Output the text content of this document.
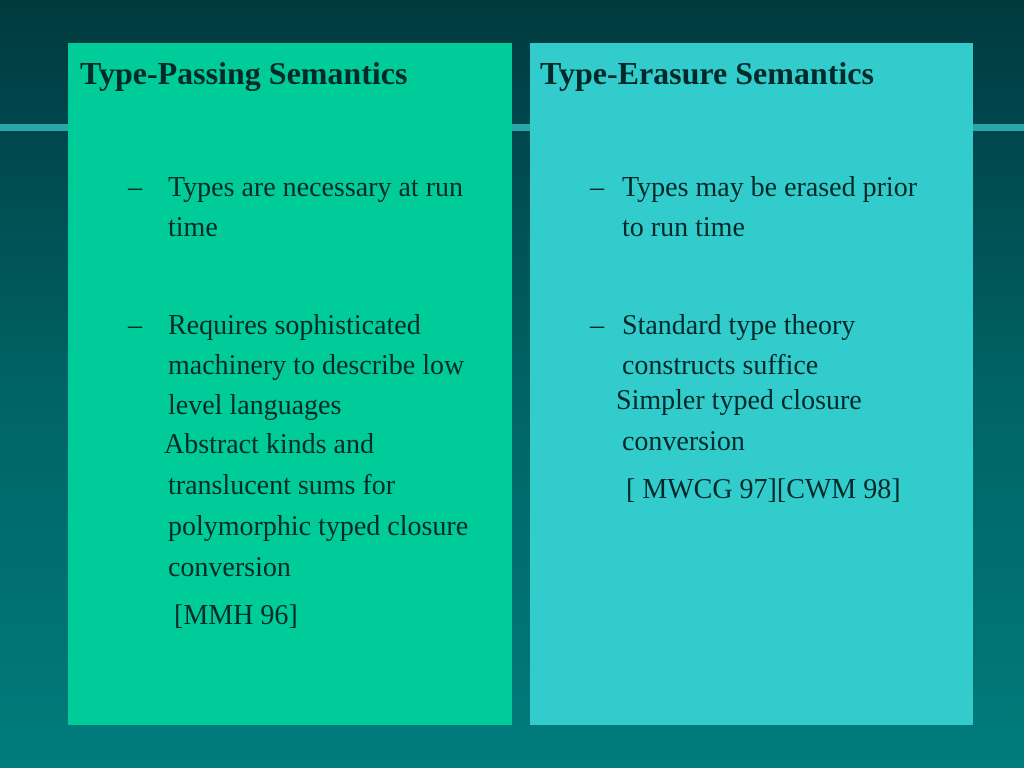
Type-Passing Semantics
– Types are necessary at run time
– Requires sophisticated machinery to describe low level languages
Abstract kinds and translucent sums for polymorphic typed closure conversion
[MMH 96]
Type-Erasure Semantics
– Types may be erased prior to run time
– Standard type theory constructs suffice
Simpler typed closure conversion
[ MWCG 97][CWM 98]
